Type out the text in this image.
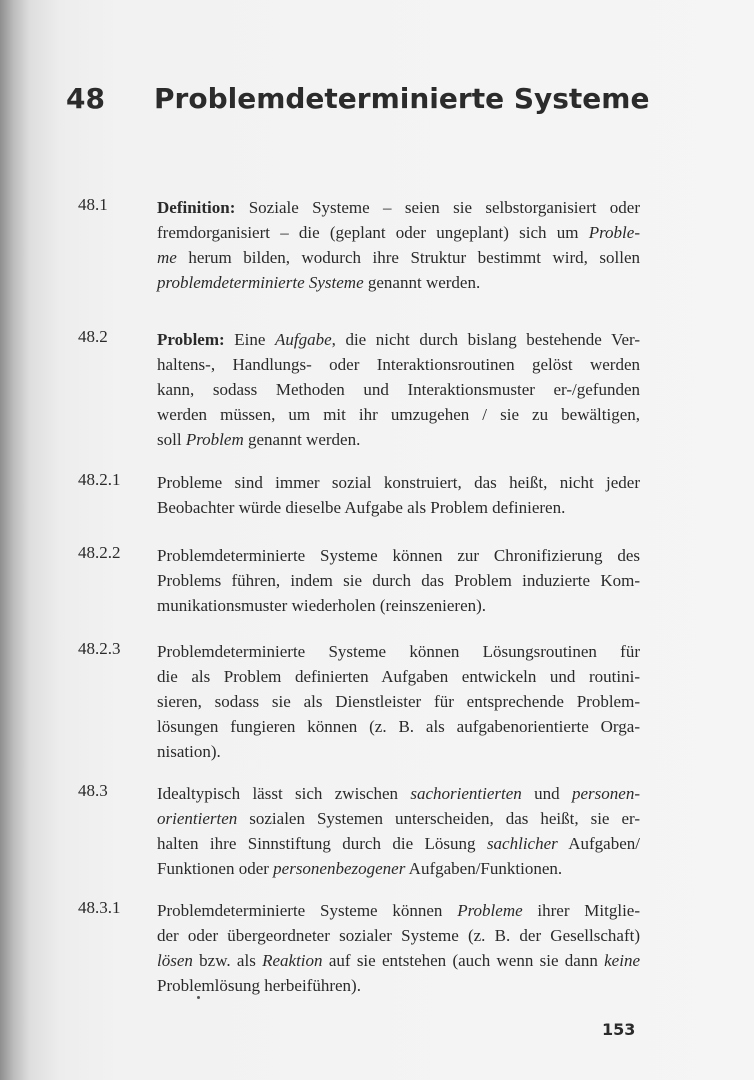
48 Problemdeterminierte Systeme
48.1	Definition: Soziale Systeme – seien sie selbstorganisiert oder
fremdorganisiert – die (geplant oder ungeplant) sich um Proble-
me herum bilden, wodurch ihre Struktur bestimmt wird, sollen
problemdeterminierte Systeme genannt werden.
48.2	Problem: Eine Aufgabe, die nicht durch bislang bestehende Ver-
haltens-, Handlungs- oder Interaktionsroutinen gelöst werden
kann, sodass Methoden und Interaktionsmuster er-/gefunden
werden müssen, um mit ihr umzugehen / sie zu bewältigen,
soll Problem genannt werden.
48.2.1 Probleme sind immer sozial konstruiert, das heißt, nicht jeder
Beobachter würde dieselbe Aufgabe als Problem definieren.
48.2.2 Problemdeterminierte Systeme können zur Chronifizierung des
Problems führen, indem sie durch das Problem induzierte Kom-
munikationsmuster wiederholen (reinszenieren).
48.2.3 Problemdeterminierte Systeme können Lösungsroutinen für
die als Problem definierten Aufgaben entwickeln und routini-
sieren, sodass sie als Dienstleister für entsprechende Problem-
lösungen fungieren können (z. B. als aufgabenorientierte Orga-
nisation).
48.3	Idealtypisch lässt sich zwischen sachorientierten und personen-
orientierten sozialen Systemen unterscheiden, das heißt, sie er-
halten ihre Sinnstiftung durch die Lösung sachlicher Aufgaben/
Funktionen oder personenbezogener Aufgaben/Funktionen.
48.3.1 Problemdeterminierte Systeme können Probleme ihrer Mitglie-
der oder übergeordneter sozialer Systeme (z. B. der Gesellschaft)
lösen bzw. als Reaktion auf sie entstehen (auch wenn sie dann keine
Problemlösung herbeiführen).
153
